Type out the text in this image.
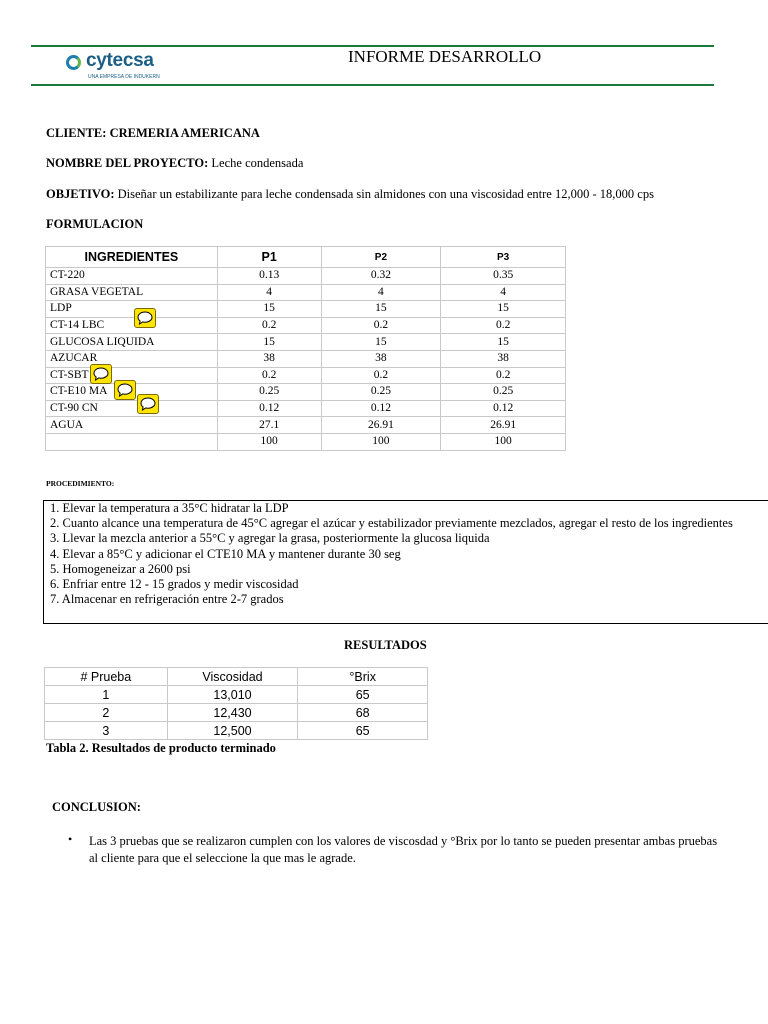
cytecsa
UNA EMPRESA DE INDUKERN
INFORME DESARROLLO
CLIENTE: CREMERIA AMERICANA
NOMBRE DEL PROYECTO: Leche condensada
OBJETIVO: Diseñar un estabilizante para leche condensada sin almidones con una viscosidad entre 12,000 - 18,000 cps
FORMULACION
INGREDIENTES	P1	P2	P3
CT-220	0.13	0.32	0.35
GRASA VEGETAL	4	4	4
LDP	15	15	15
CT-14 LBC	0.2	0.2	0.2
GLUCOSA LIQUIDA	15	15	15
AZUCAR	38	38	38
CT-SBT	0.2	0.2	0.2
CT-E10 MA	0.25	0.25	0.25
CT-90 CN	0.12	0.12	0.12
AGUA	27.1	26.91	26.91
	100	100	100
PROCEDIMIENTO:
1. Elevar la temperatura a 35°C hidratar la LDP
2. Cuanto alcance una temperatura de 45°C agregar el azúcar y estabilizador previamente mezclados, agregar el resto de los ingredientes
3. Llevar la mezcla anterior a 55°C y agregar la grasa, posteriormente la glucosa liquida
4. Elevar a 85°C y adicionar el CTE10 MA y mantener durante 30 seg
5. Homogeneizar a 2600 psi
6. Enfriar entre 12 - 15 grados y medir viscosidad
7. Almacenar en refrigeración entre 2-7 grados
RESULTADOS
# Prueba	Viscosidad	°Brix
1	13,010	65
2	12,430	68
3	12,500	65
Tabla 2. Resultados de producto terminado
CONCLUSION:
• Las 3 pruebas que se realizaron cumplen con los valores de viscosdad y °Brix por lo tanto se pueden presentar ambas pruebas al cliente para que el seleccione la que mas le agrade.
